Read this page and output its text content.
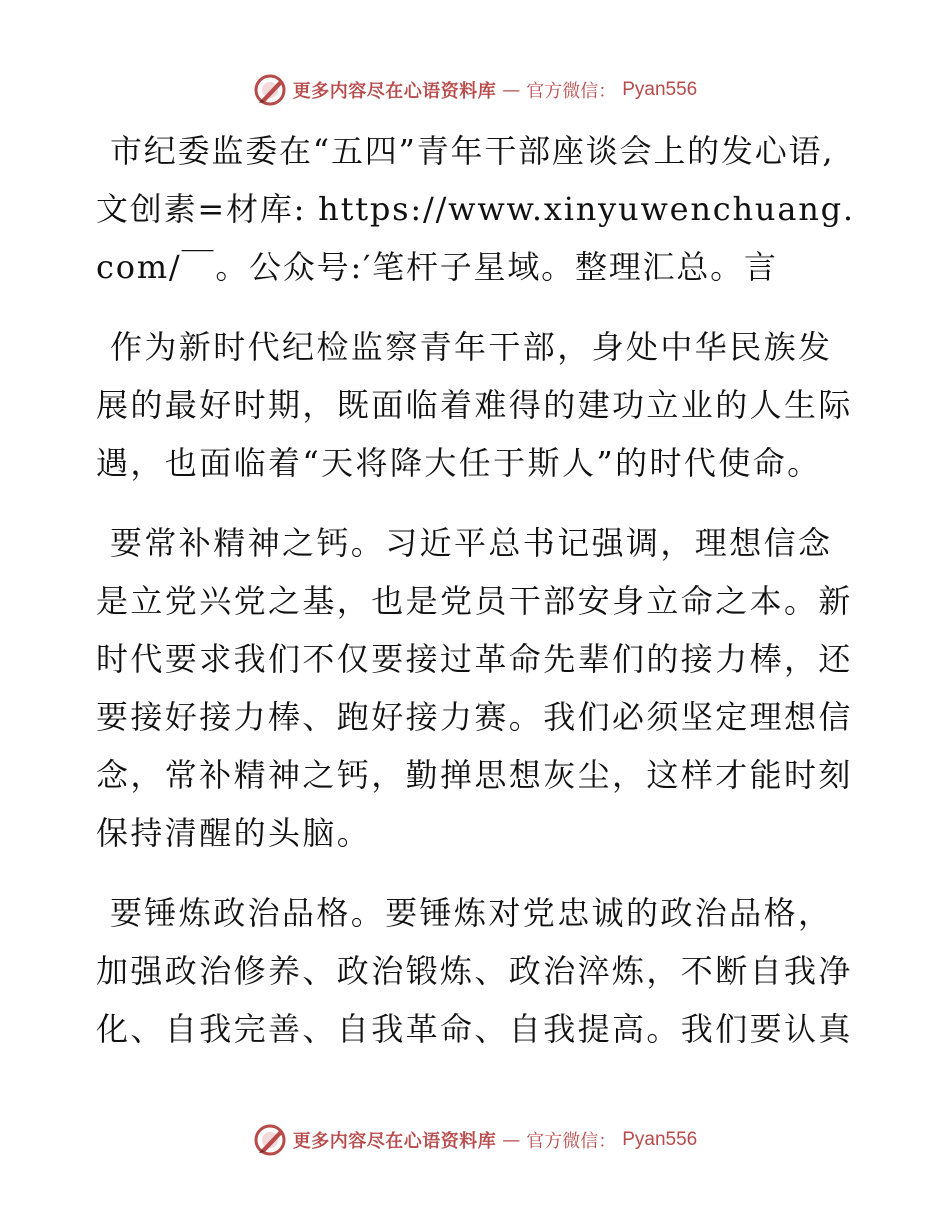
更多内容尽在心语资料库 — 官方微信： Pyan556

市纪委监委在“五四”青年干部座谈会上的发心语,文创素=材库: https://www.xinyuwenchuang.com/￣。公众号:′笔杆子星域。整理汇总。言

作为新时代纪检监察青年干部，身处中华民族发展的最好时期，既面临着难得的建功立业的人生际遇，也面临着“天将降大任于斯人”的时代使命。

要常补精神之钙。习近平总书记强调，理想信念是立党兴党之基，也是党员干部安身立命之本。新时代要求我们不仅要接过革命先辈们的接力棒，还要接好接力棒、跑好接力赛。我们必须坚定理想信念，常补精神之钙，勤掸思想灰尘，这样才能时刻保持清醒的头脑。

要锤炼政治品格。要锤炼对党忠诚的政治品格，加强政治修养、政治锻炼、政治淬炼，不断自我净化、自我完善、自我革命、自我提高。我们要认真

更多内容尽在心语资料库 — 官方微信： Pyan556
